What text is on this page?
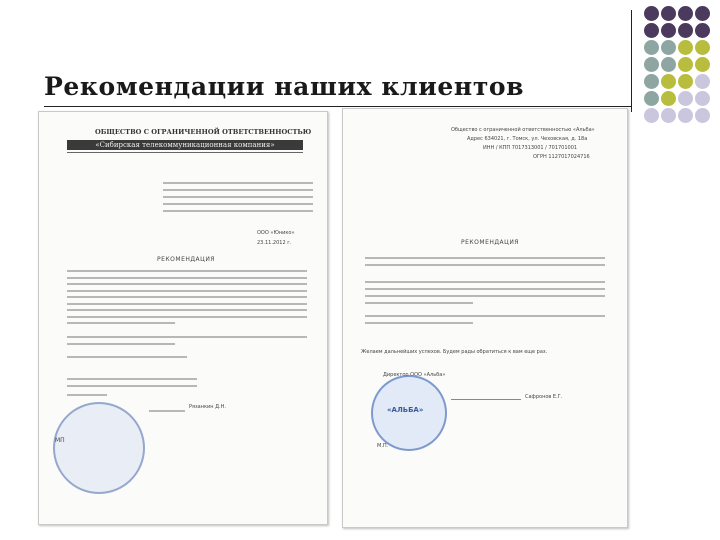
Рекомендации наших клиентов
ОБЩЕСТВО С ОГРАНИЧЕННОЙ ОТВЕТСТВЕННОСТЬЮ
«Сибирская телекоммуникационная компания»
ООО «Юнико»
23.11.2012 г.
РЕКОМЕНДАЦИЯ
МП
Рязанкин Д.Н.
Общество с ограниченной ответственностью «Альба»
Адрес 634021, г. Томск, ул. Чеховская, д. 18а
ИНН / КПП 7017313001 / 701701001
ОГРН 1127017024716
РЕКОМЕНДАЦИЯ
Желаем дальнейших успехов. Будем рады обратиться к вам еще раз.
Директор ООО «Альба»
«АЛЬБА»
М.П.
Сафронов Е.Г.
